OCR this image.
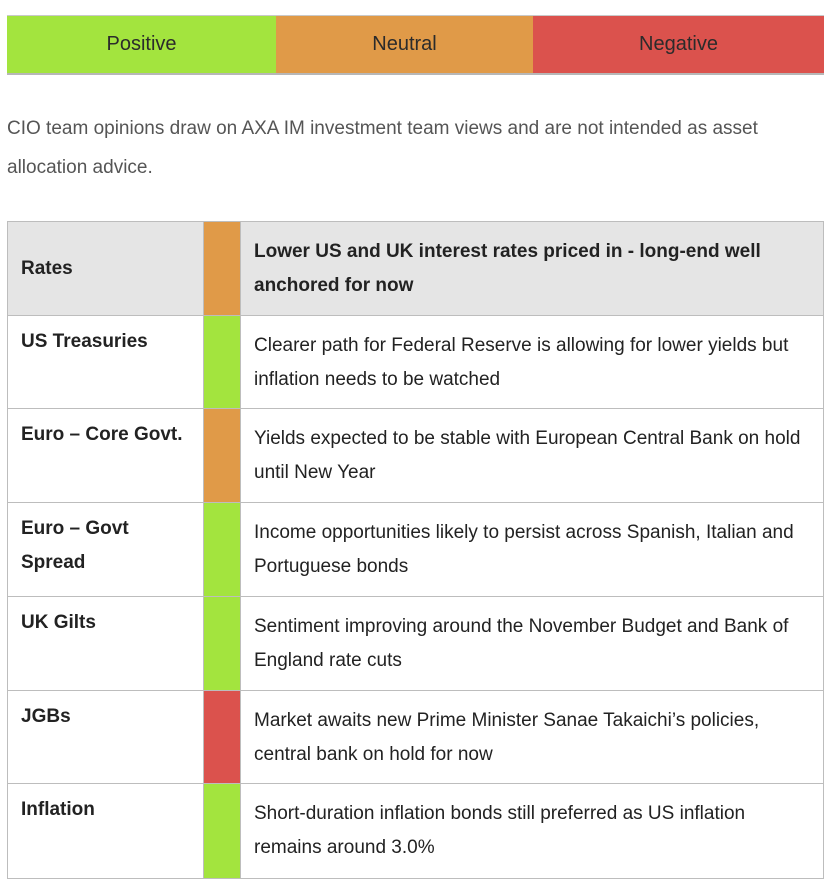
Positive	Neutral	Negative

CIO team opinions draw on AXA IM investment team views and are not intended as asset allocation advice.

Rates		Lower US and UK interest rates priced in - long-end well anchored for now
US Treasuries		Clearer path for Federal Reserve is allowing for lower yields but inflation needs to be watched
Euro – Core Govt.		Yields expected to be stable with European Central Bank on hold until New Year
Euro – Govt Spread		Income opportunities likely to persist across Spanish, Italian and Portuguese bonds
UK Gilts		Sentiment improving around the November Budget and Bank of England rate cuts
JGBs		Market awaits new Prime Minister Sanae Takaichi’s policies, central bank on hold for now
Inflation		Short-duration inflation bonds still preferred as US inflation remains around 3.0%
